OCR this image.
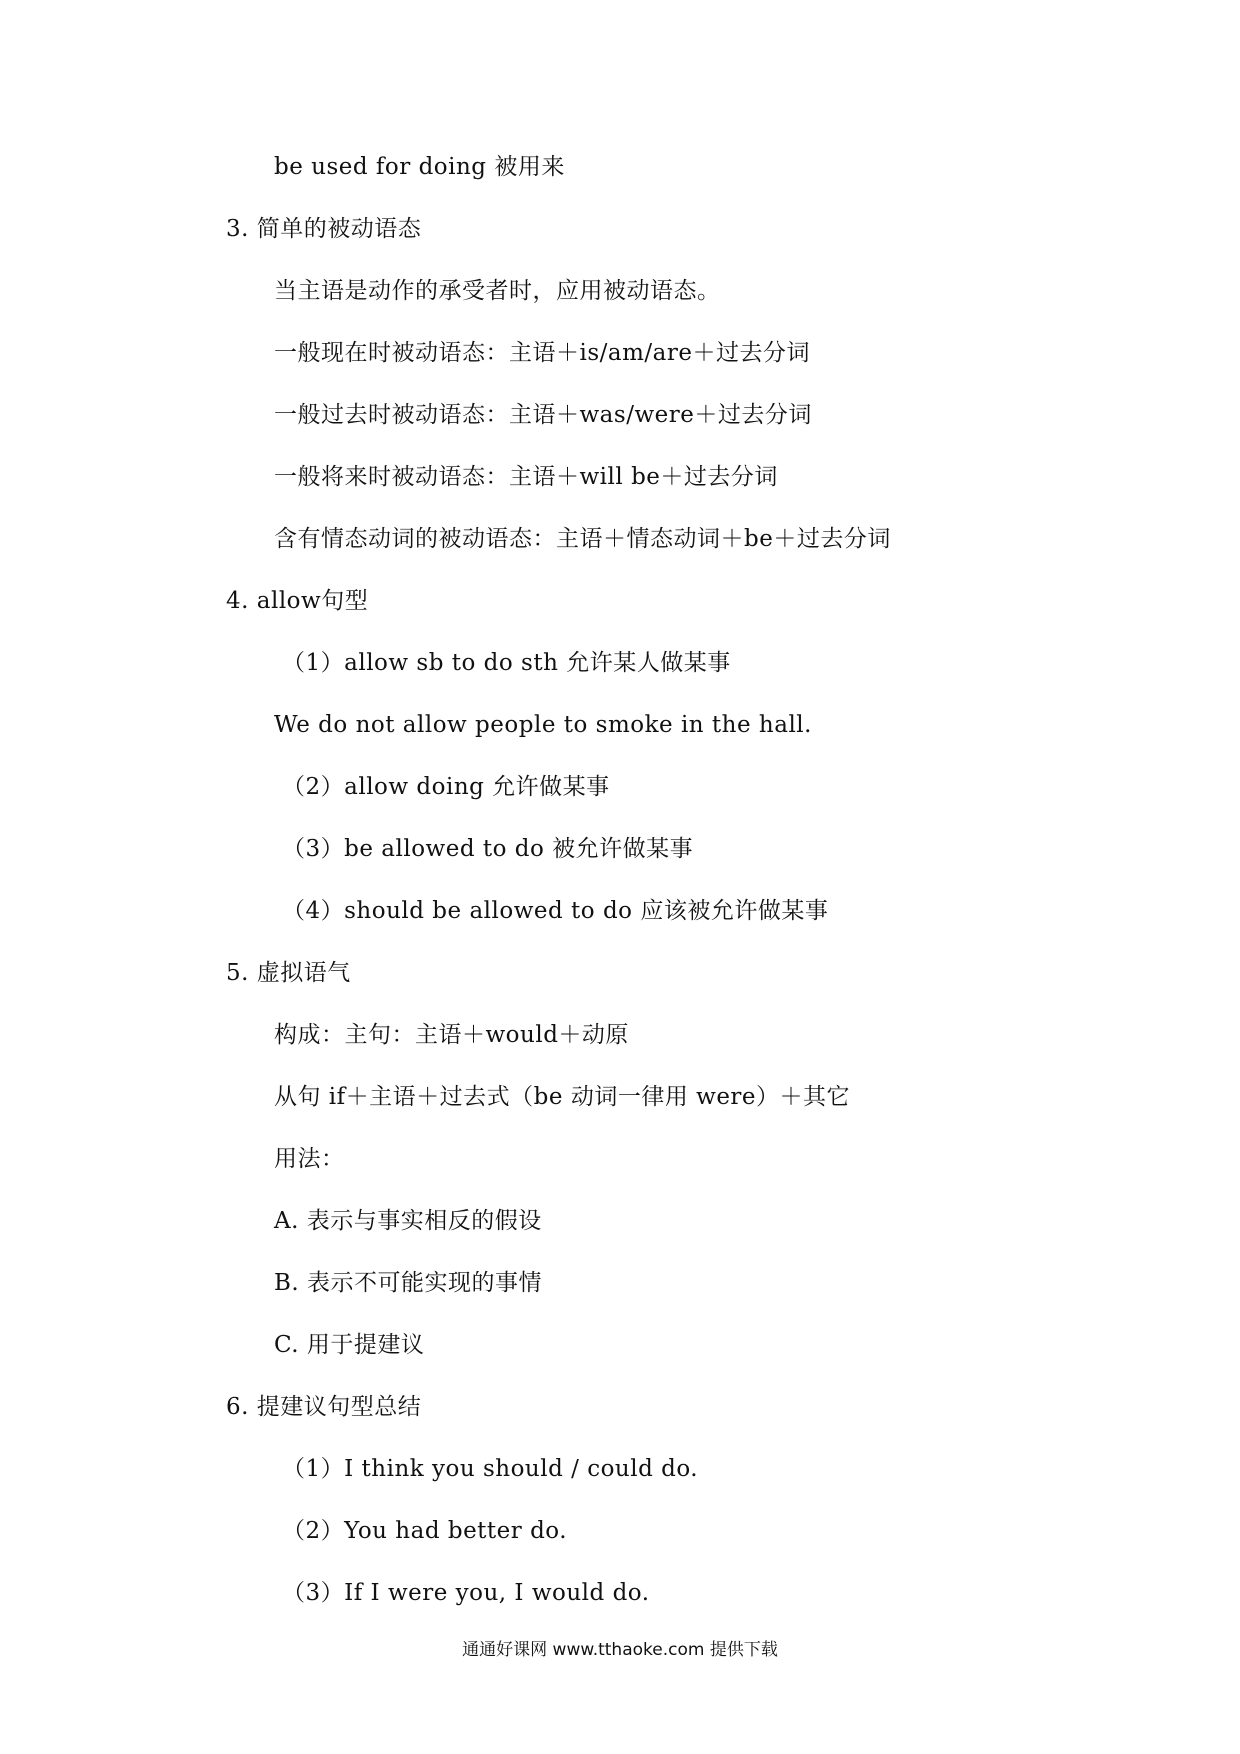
be used for doing 被用来
3. 简单的被动语态
当主语是动作的承受者时，应用被动语态。
一般现在时被动语态：主语＋is/am/are＋过去分词
一般过去时被动语态：主语＋was/were＋过去分词
一般将来时被动语态：主语＋will be＋过去分词
含有情态动词的被动语态：主语＋情态动词＋be＋过去分词
4. allow句型
（1）allow sb to do sth 允许某人做某事
We do not allow people to smoke in the hall.
（2）allow doing 允许做某事
（3）be allowed to do 被允许做某事
（4）should be allowed to do 应该被允许做某事
5. 虚拟语气
构成：主句：主语＋would＋动原
从句 if＋主语＋过去式（be 动词一律用 were）＋其它
用法：
A. 表示与事实相反的假设
B. 表示不可能实现的事情
C. 用于提建议
6. 提建议句型总结
（1）I think you should / could do.
（2）You had better do.
（3）If I were you, I would do.
通通好课网 www.tthaoke.com 提供下载
